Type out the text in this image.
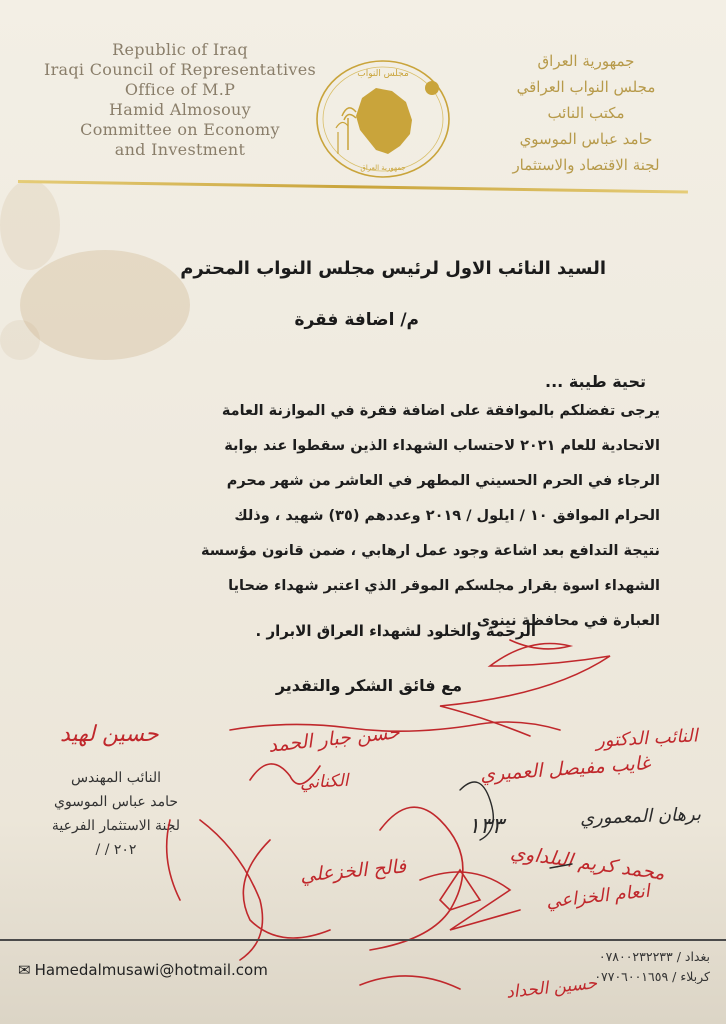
Republic of Iraq
Iraqi Council of Representatives
Office of M.P
Hamid Almosouy
Committee on Economy
and Investment
مجلس النواب
جمهورية العراق
جمهورية العراق
مجلس النواب العراقي
مكتب النائب
حامد عباس الموسوي
لجنة الاقتصاد والاستثمار
السيد النائب الاول لرئيس مجلس النواب المحترم
م/ اضافة فقرة
تحية طيبة ...

يرجى تفضلكم بالموافقة على اضافة فقرة في الموازنة العامة

الاتحادية للعام ٢٠٢١ لاحتساب الشهداء الذين سقطوا عند بوابة

الرجاء في الحرم الحسيني المطهر في العاشر من شهر محرم

الحرام الموافق ١٠ / ايلول / ٢٠١٩ وعددهم (٣٥) شهيد ، وذلك

نتيجة التدافع بعد اشاعة وجود عمل ارهابي ، ضمن قانون مؤسسة

الشهداء اسوة بقرار مجلسكم الموقر الذي اعتبر شهداء ضحايا

العبارة في محافظة نينوى .

الرحمة والخلود لشهداء العراق الابرار .
مع فائق الشكر والتقدير
حسين لهيد
النائب المهندس
حامد عباس الموسوي
لجنة الاستثمار الفرعية
٢٠٢ / /
النائب الدكتور
غايب مفيصل العميري
حسن جبار الحمد
الكناني
برهان المعموري
١٣٣
محمد كريم البلداوي
فالح الخزعلي
انعام الخزاعي
حسين الحداد
✉ Hamedalmusawi@hotmail.com
بغداد / ٠٧٨٠٠٢٣٢٢٣٣
كربلاء / ٠٧٧٠٦٠٠١٦٥٩
